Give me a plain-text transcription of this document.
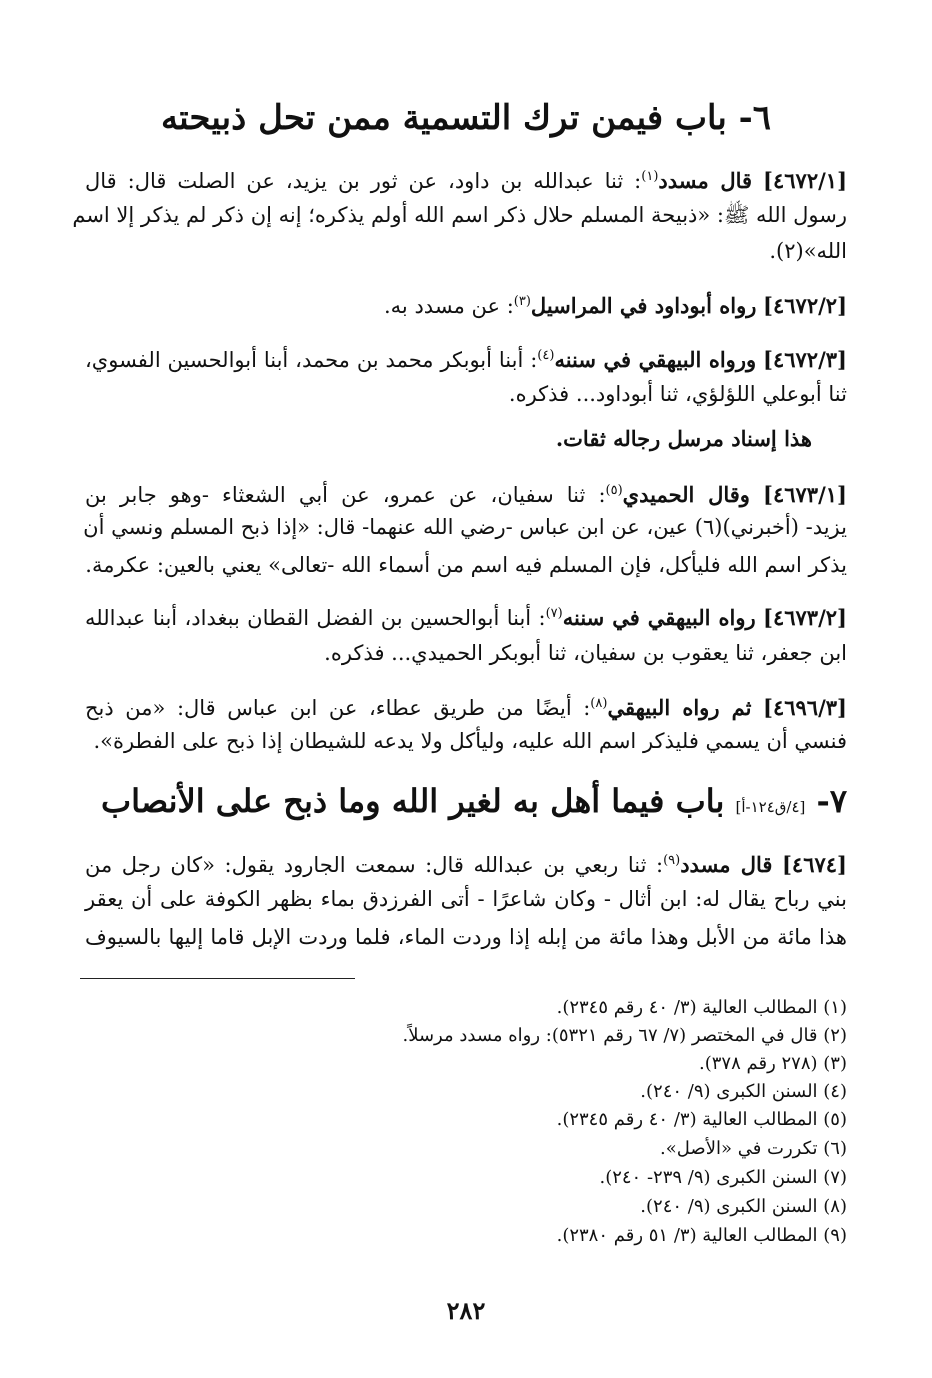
٦- باب فيمن ترك التسمية ممن تحل ذبيحته
[٤٦٧٢/١] قال مسدد$^{(١)}$: ثنا عبدالله بن داود، عن ثور بن يزيد، عن الصلت قال: قال
رسول الله ﷺ: «ذبيحة المسلم حلال ذكر اسم الله أولم يذكره؛ إنه إن ذكر لم يذكر إلا اسم
الله»(٢).
[٤٦٧٢/٢] رواه أبوداود في المراسيل$^{(٣)}$: عن مسدد به.
[٤٦٧٢/٣] ورواه البيهقي في سننه$^{(٤)}$: أبنا أبوبكر محمد بن محمد، أبنا أبوالحسين الفسوي،
ثنا أبوعلي اللؤلؤي، ثنا أبوداود... فذكره.
هذا إسناد مرسل رجاله ثقات.
[٤٦٧٣/١] وقال الحميدي$^{(٥)}$: ثنا سفيان، عن عمرو، عن أبي الشعثاء -وهو جابر بن
يزيد- (أخبرني)(٦) عين، عن ابن عباس -رضي الله عنهما- قال: «إذا ذبح المسلم ونسي أن
يذكر اسم الله فليأكل، فإن المسلم فيه اسم من أسماء الله -تعالى» يعني بالعين: عكرمة.
[٤٦٧٣/٢] رواه البيهقي في سننه$^{(٧)}$: أبنا أبوالحسين بن الفضل القطان ببغداد، أبنا عبدالله
ابن جعفر، ثنا يعقوب بن سفيان، ثنا أبوبكر الحميدي... فذكره.
[٤٦٩٦/٣] ثم رواه البيهقي$^{(٨)}$: أيضًا من طريق عطاء، عن ابن عباس قال: «من ذبح
فنسي أن يسمي فليذكر اسم الله عليه، وليأكل ولا يدعه للشيطان إذا ذبح على الفطرة».
٧- [٤/ق١٢٤-أ] باب فيما أهل به لغير الله وما ذبح على الأنصاب
[٤٦٧٤] قال مسدد$^{(٩)}$: ثنا ربعي بن عبدالله قال: سمعت الجارود يقول: «كان رجل من
بني رباح يقال له: ابن أثال - وكان شاعرًا - أتى الفرزدق بماء بظهر الكوفة على أن يعقر
هذا مائة من الأبل وهذا مائة من إبله إذا وردت الماء، فلما وردت الإبل قاما إليها بالسيوف
(١) المطالب العالية (٣/ ٤٠ رقم ٢٣٤٥).
(٢) قال في المختصر (٧/ ٦٧ رقم ٥٣٢١): رواه مسدد مرسلاً.
(٣) (٢٧٨ رقم ٣٧٨).
(٤) السنن الكبرى (٩/ ٢٤٠).
(٥) المطالب العالية (٣/ ٤٠ رقم ٢٣٤٥).
(٦) تكررت في «الأصل».
(٧) السنن الكبرى (٩/ ٢٣٩- ٢٤٠).
(٨) السنن الكبرى (٩/ ٢٤٠).
(٩) المطالب العالية (٣/ ٥١ رقم ٢٣٨٠).
٢٨٢
